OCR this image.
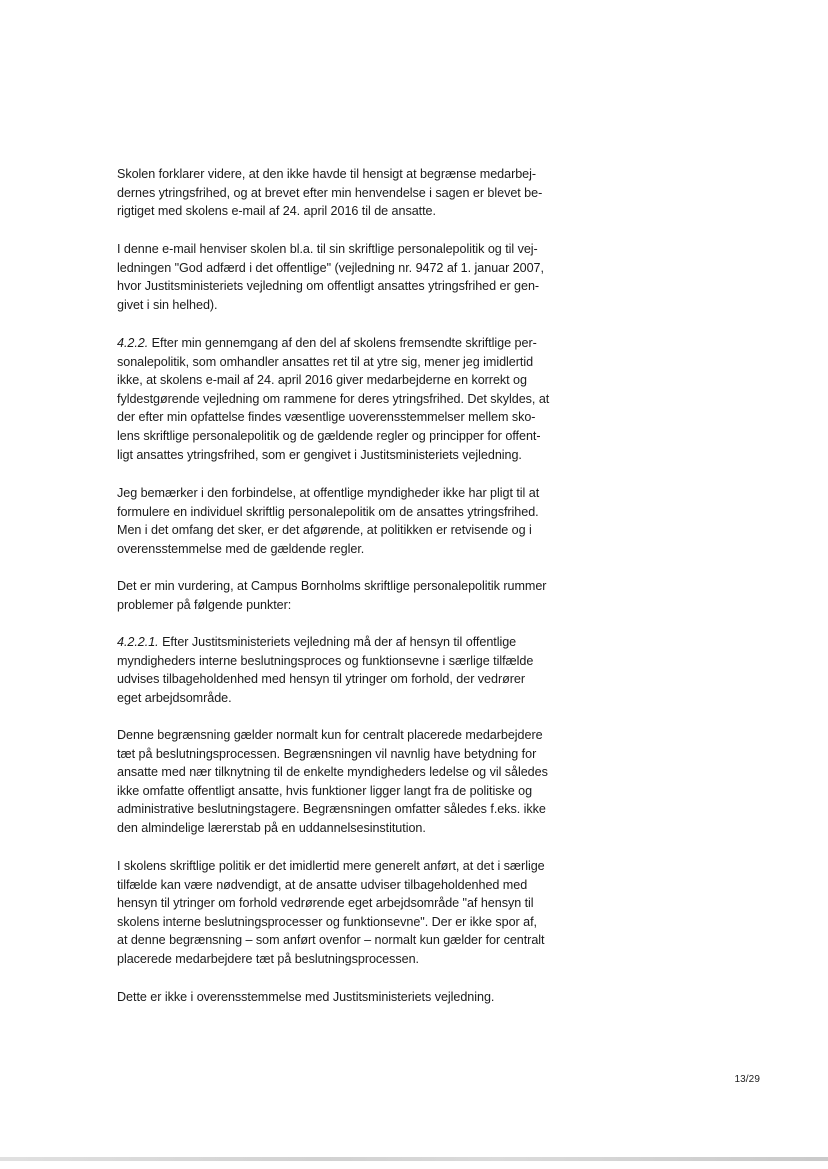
Skolen forklarer videre, at den ikke havde til hensigt at begrænse medarbej-
dernes ytringsfrihed, og at brevet efter min henvendelse i sagen er blevet be-
rigtiget med skolens e-mail af 24. april 2016 til de ansatte.

I denne e-mail henviser skolen bl.a. til sin skriftlige personalepolitik og til vej-
ledningen "God adfærd i det offentlige" (vejledning nr. 9472 af 1. januar 2007,
hvor Justitsministeriets vejledning om offentligt ansattes ytringsfrihed er gen-
givet i sin helhed).

4.2.2. Efter min gennemgang af den del af skolens fremsendte skriftlige per-
sonalepolitik, som omhandler ansattes ret til at ytre sig, mener jeg imidlertid
ikke, at skolens e-mail af 24. april 2016 giver medarbejderne en korrekt og
fyldestgørende vejledning om rammene for deres ytringsfrihed. Det skyldes, at
der efter min opfattelse findes væsentlige uoverensstemmelser mellem sko-
lens skriftlige personalepolitik og de gældende regler og principper for offent-
ligt ansattes ytringsfrihed, som er gengivet i Justitsministeriets vejledning.

Jeg bemærker i den forbindelse, at offentlige myndigheder ikke har pligt til at
formulere en individuel skriftlig personalepolitik om de ansattes ytringsfrihed.
Men i det omfang det sker, er det afgørende, at politikken er retvisende og i
overensstemmelse med de gældende regler.

Det er min vurdering, at Campus Bornholms skriftlige personalepolitik rummer
problemer på følgende punkter:

4.2.2.1. Efter Justitsministeriets vejledning må der af hensyn til offentlige
myndigheders interne beslutningsproces og funktionsevne i særlige tilfælde
udvises tilbageholdenhed med hensyn til ytringer om forhold, der vedrører
eget arbejdsområde.

Denne begrænsning gælder normalt kun for centralt placerede medarbejdere
tæt på beslutningsprocessen. Begrænsningen vil navnlig have betydning for
ansatte med nær tilknytning til de enkelte myndigheders ledelse og vil således
ikke omfatte offentligt ansatte, hvis funktioner ligger langt fra de politiske og
administrative beslutningstagere. Begrænsningen omfatter således f.eks. ikke
den almindelige lærerstab på en uddannelsesinstitution.

I skolens skriftlige politik er det imidlertid mere generelt anført, at det i særlige
tilfælde kan være nødvendigt, at de ansatte udviser tilbageholdenhed med
hensyn til ytringer om forhold vedrørende eget arbejdsområde "af hensyn til
skolens interne beslutningsprocesser og funktionsevne". Der er ikke spor af,
at denne begrænsning – som anført ovenfor – normalt kun gælder for centralt
placerede medarbejdere tæt på beslutningsprocessen.

Dette er ikke i overensstemmelse med Justitsministeriets vejledning.

13/29
